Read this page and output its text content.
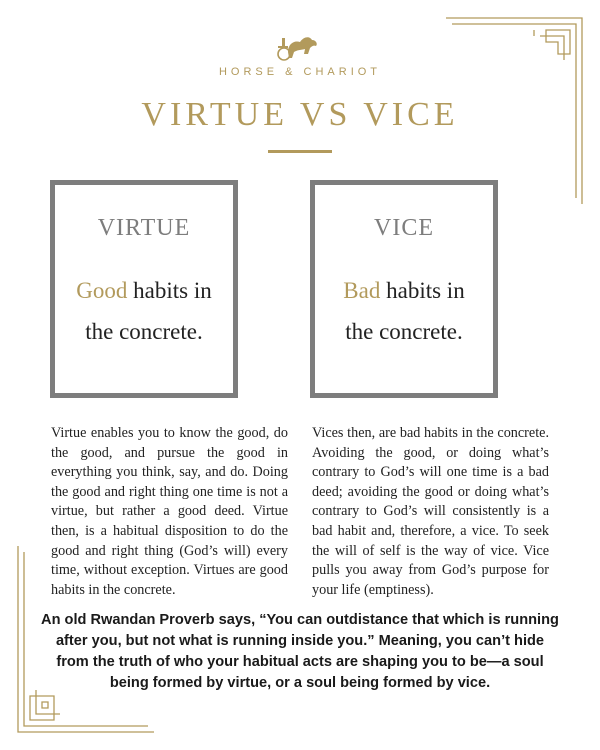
HORSE & CHARIOT
VIRTUE VS VICE
VIRTUE
Good habits in
the concrete.
VICE
Bad habits in
the concrete.
Virtue enables you to know the good, do the good, and pursue the good in everything you think, say, and do. Doing the good and right thing one time is not a virtue, but rather a good deed. Virtue then, is a habitual disposition to do the good and right thing (God’s will) every time, without exception. Virtues are good habits in the concrete.
Vices then, are bad habits in the concrete. Avoiding the good, or doing what’s contrary to God’s will one time is a bad deed; avoiding the good or doing what’s contrary to God’s will consistently is a bad habit and, therefore, a vice. To seek the will of self is the way of vice. Vice pulls you away from God’s purpose for your life (emptiness).
An old Rwandan Proverb says, “You can outdistance that which is running after you, but not what is running inside you.” Meaning, you can’t hide from the truth of who your habitual acts are shaping you to be—a soul being formed by virtue, or a soul being formed by vice.
